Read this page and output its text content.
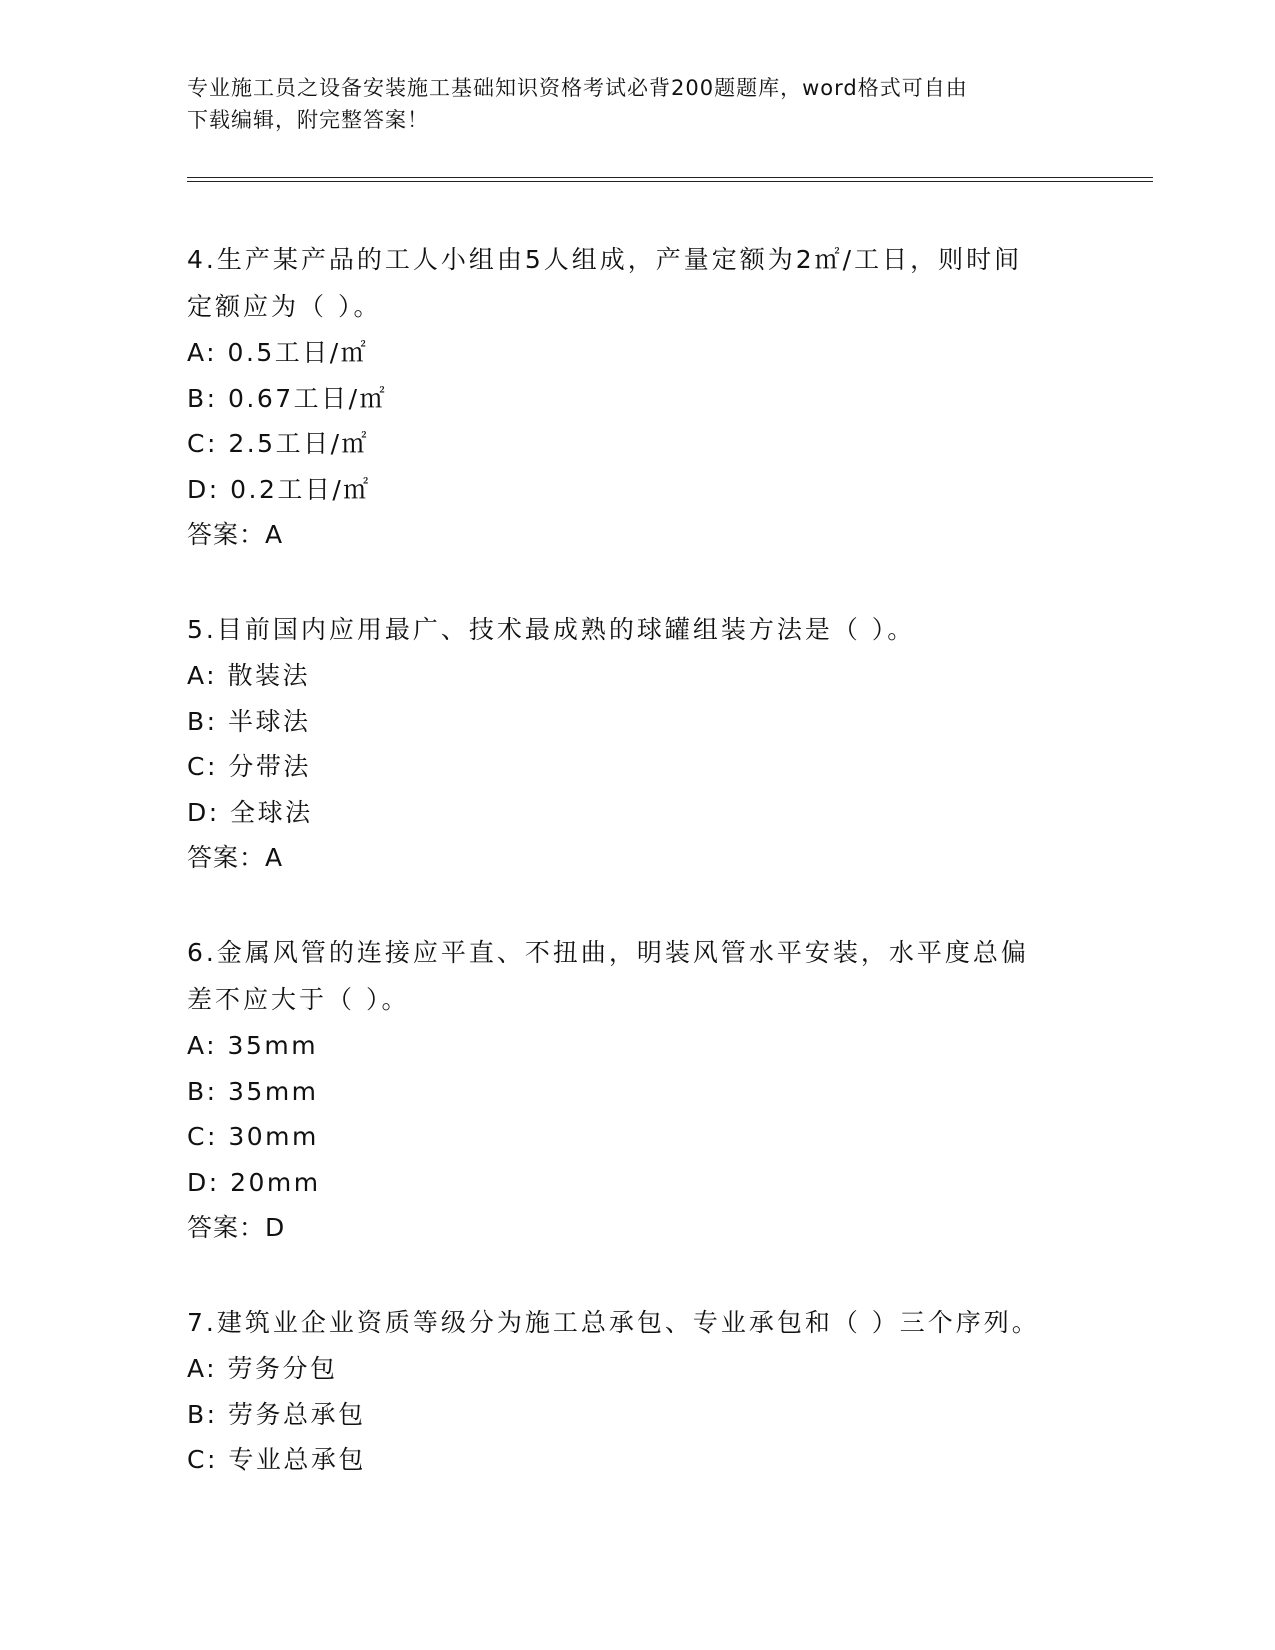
专业施工员之设备安装施工基础知识资格考试必背200题题库，word格式可自由
下载编辑，附完整答案！

4.生产某产品的工人小组由5人组成，产量定额为2㎡/工日，则时间

定额应为（ ）。

A: 0.5工日/㎡

B: 0.67工日/㎡

C: 2.5工日/㎡

D: 0.2工日/㎡

答案：A

5.目前国内应用最广、技术最成熟的球罐组装方法是（ ）。

A: 散装法

B: 半球法

C: 分带法

D: 全球法

答案：A

6.金属风管的连接应平直、不扭曲，明装风管水平安装，水平度总偏

差不应大于（ ）。

A: 35mm

B: 35mm

C: 30mm

D: 20mm

答案：D

7.建筑业企业资质等级分为施工总承包、专业承包和（ ）三个序列。

A: 劳务分包

B: 劳务总承包

C: 专业总承包
